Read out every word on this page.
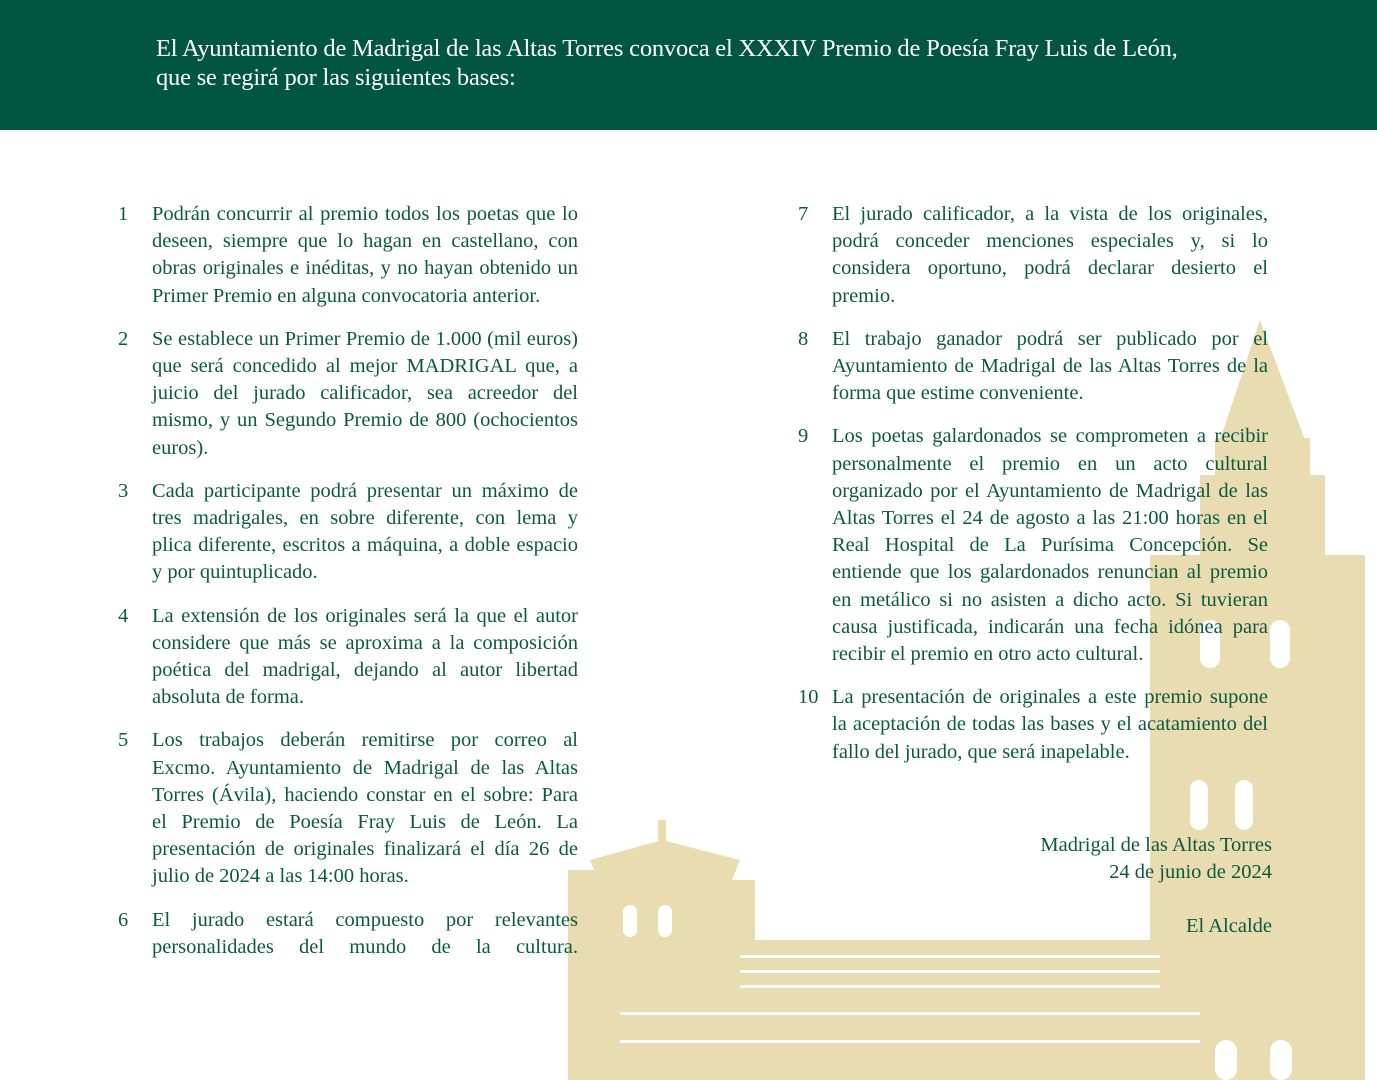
El Ayuntamiento de Madrigal de las Altas Torres convoca el XXXIV Premio de Poesía Fray Luis de León,

que se regirá por las siguientes bases:

1	Podrán concurrir al premio todos los poetas que lo deseen, siempre que lo hagan en castellano, con obras originales e inéditas, y no hayan obtenido un Primer Premio en alguna convocatoria anterior.
2	Se establece un Primer Premio de 1.000 (mil euros) que será concedido al mejor MADRIGAL que, a juicio del jurado calificador, sea acreedor del mismo, y un Segundo Premio de 800 (ochocientos euros).
3	Cada participante podrá presentar un máximo de tres madrigales, en sobre diferente, con lema y plica diferente, escritos a máquina, a doble espacio y por quintuplicado.
4	La extensión de los originales será la que el autor considere que más se aproxima a la composición poética del madrigal, dejando al autor libertad absoluta de forma.
5	Los trabajos deberán remitirse por correo al Excmo. Ayuntamiento de Madrigal de las Altas Torres (Ávila), haciendo constar en el sobre: Para el Premio de Poesía Fray Luis de León. La presentación de originales finalizará el día 26 de julio de 2024 a las 14:00 horas.
6	El jurado estará compuesto por relevantes personalidades del mundo de la cultura.
7	El jurado calificador, a la vista de los originales, podrá conceder menciones especiales y, si lo considera oportuno, podrá declarar desierto el premio.
8	El trabajo ganador podrá ser publicado por el Ayuntamiento de Madrigal de las Altas Torres de la forma que estime conveniente.
9	Los poetas galardonados se comprometen a recibir personalmente el premio en un acto cultural organizado por el Ayuntamiento de Madrigal de las Altas Torres el 24 de agosto a las 21:00 horas en el Real Hospital de La Purísima Concepción. Se entiende que los galardonados renuncian al premio en metálico si no asisten a dicho acto. Si tuvieran causa justificada, indicarán una fecha idónea para recibir el premio en otro acto cultural.
10 La presentación de originales a este premio supone la aceptación de todas las bases y el acatamiento del fallo del jurado, que será inapelable.
Madrigal de las Altas Torres
24 de junio de 2024
El Alcalde
